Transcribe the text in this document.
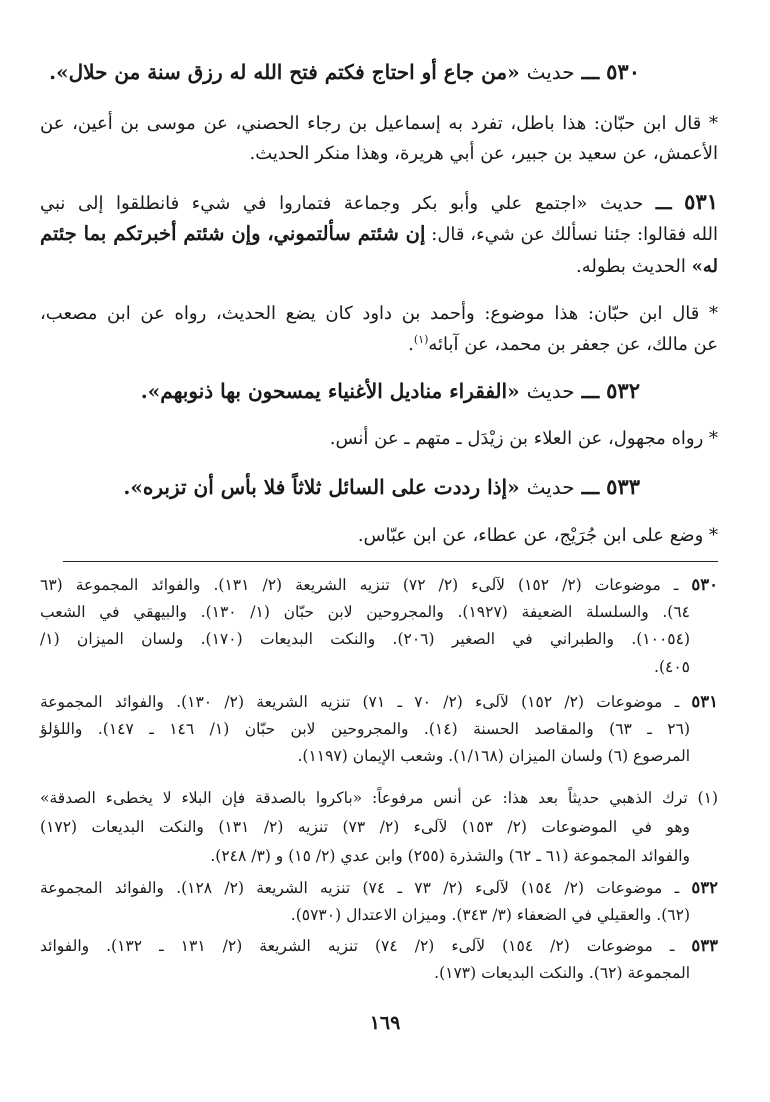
٥٣٠ ـــ حديث «من جاع أو احتاج فكتم فتح الله له رزق سنة من حلال».
* قال ابن حبّان: هذا باطل، تفرد به إسماعيل بن رجاء الحصني، عن موسى بن أعين، عن
الأعمش، عن سعيد بن جبير، عن أبي هريرة، وهذا منكر الحديث.
٥٣١ ـــ حديث «اجتمع علي وأبو بكر وجماعة فتماروا في شيء فانطلقوا إلى نبي
الله فقالوا: جئنا نسألك عن شيء، قال: إن شئتم سألتموني، وإن شئتم أخبرتكم بما جئتم
له» الحديث بطوله.
* قال ابن حبّان: هذا موضوع: وأحمد بن داود كان يضع الحديث، رواه عن ابن مصعب،
عن مالك، عن جعفر بن محمد، عن آبائه$^{(١)}$.
٥٣٢ ـــ حديث «الفقراء مناديل الأغنياء يمسحون بها ذنوبهم».
* رواه مجهول، عن العلاء بن زيْدَل ـ متهم ـ عن أنس.
٥٣٣ ـــ حديث «إذا رددت على السائل ثلاثاً فلا بأس أن تزبره».
* وضع على ابن جُرَيْج، عن عطاء، عن ابن عبّاس.
٥٣٠ ـ موضوعات (٢/ ١٥٢) لآلىء (٢/ ٧٢) تنزيه الشريعة (٢/ ١٣١). والفوائد المجموعة (٦٣
٦٤). والسلسلة الضعيفة (١٩٢٧). والمجروحين لابن حبّان (١/ ١٣٠). والبيهقي في الشعب
(١٠٠٥٤). والطبراني في الصغير (٢٠٦). والنكت البديعات (١٧٠). ولسان الميزان (١/
٤٠٥).
٥٣١ ـ موضوعات (٢/ ١٥٢) لآلىء (٢/ ٧٠ ـ ٧١) تنزيه الشريعة (٢/ ١٣٠). والفوائد المجموعة
(٢٦ ـ ٦٣) والمقاصد الحسنة (١٤). والمجروحين لابن حبّان (١/ ١٤٦ ـ ١٤٧). واللؤلؤ
المرصوع (٦) ولسان الميزان (١/١٦٨). وشعب الإيمان (١١٩٧).
(١) ترك الذهبي حديثاً بعد هذا: عن أنس مرفوعاً: «باكروا بالصدقة فإن البلاء لا يخطىء الصدقة»
وهو في الموضوعات (٢/ ١٥٣) لآلىء (٢/ ٧٣) تنزيه (٢/ ١٣١) والنكت البديعات (١٧٢)
والفوائد المجموعة (٦١ ـ ٦٢) والشذرة (٢٥٥) وابن عدي (٢/ ١٥) و (٣/ ٢٤٨).
٥٣٢ ـ موضوعات (٢/ ١٥٤) لآلىء (٢/ ٧٣ ـ ٧٤) تنزيه الشريعة (٢/ ١٢٨). والفوائد المجموعة
(٦٢). والعقيلي في الضعفاء (٣/ ٣٤٣). وميزان الاعتدال (٥٧٣٠).
٥٣٣ ـ موضوعات (٢/ ١٥٤) لآلىء (٢/ ٧٤) تنزيه الشريعة (٢/ ١٣١ ـ ١٣٢). والفوائد
المجموعة (٦٢). والنكت البديعات (١٧٣).
١٦٩
